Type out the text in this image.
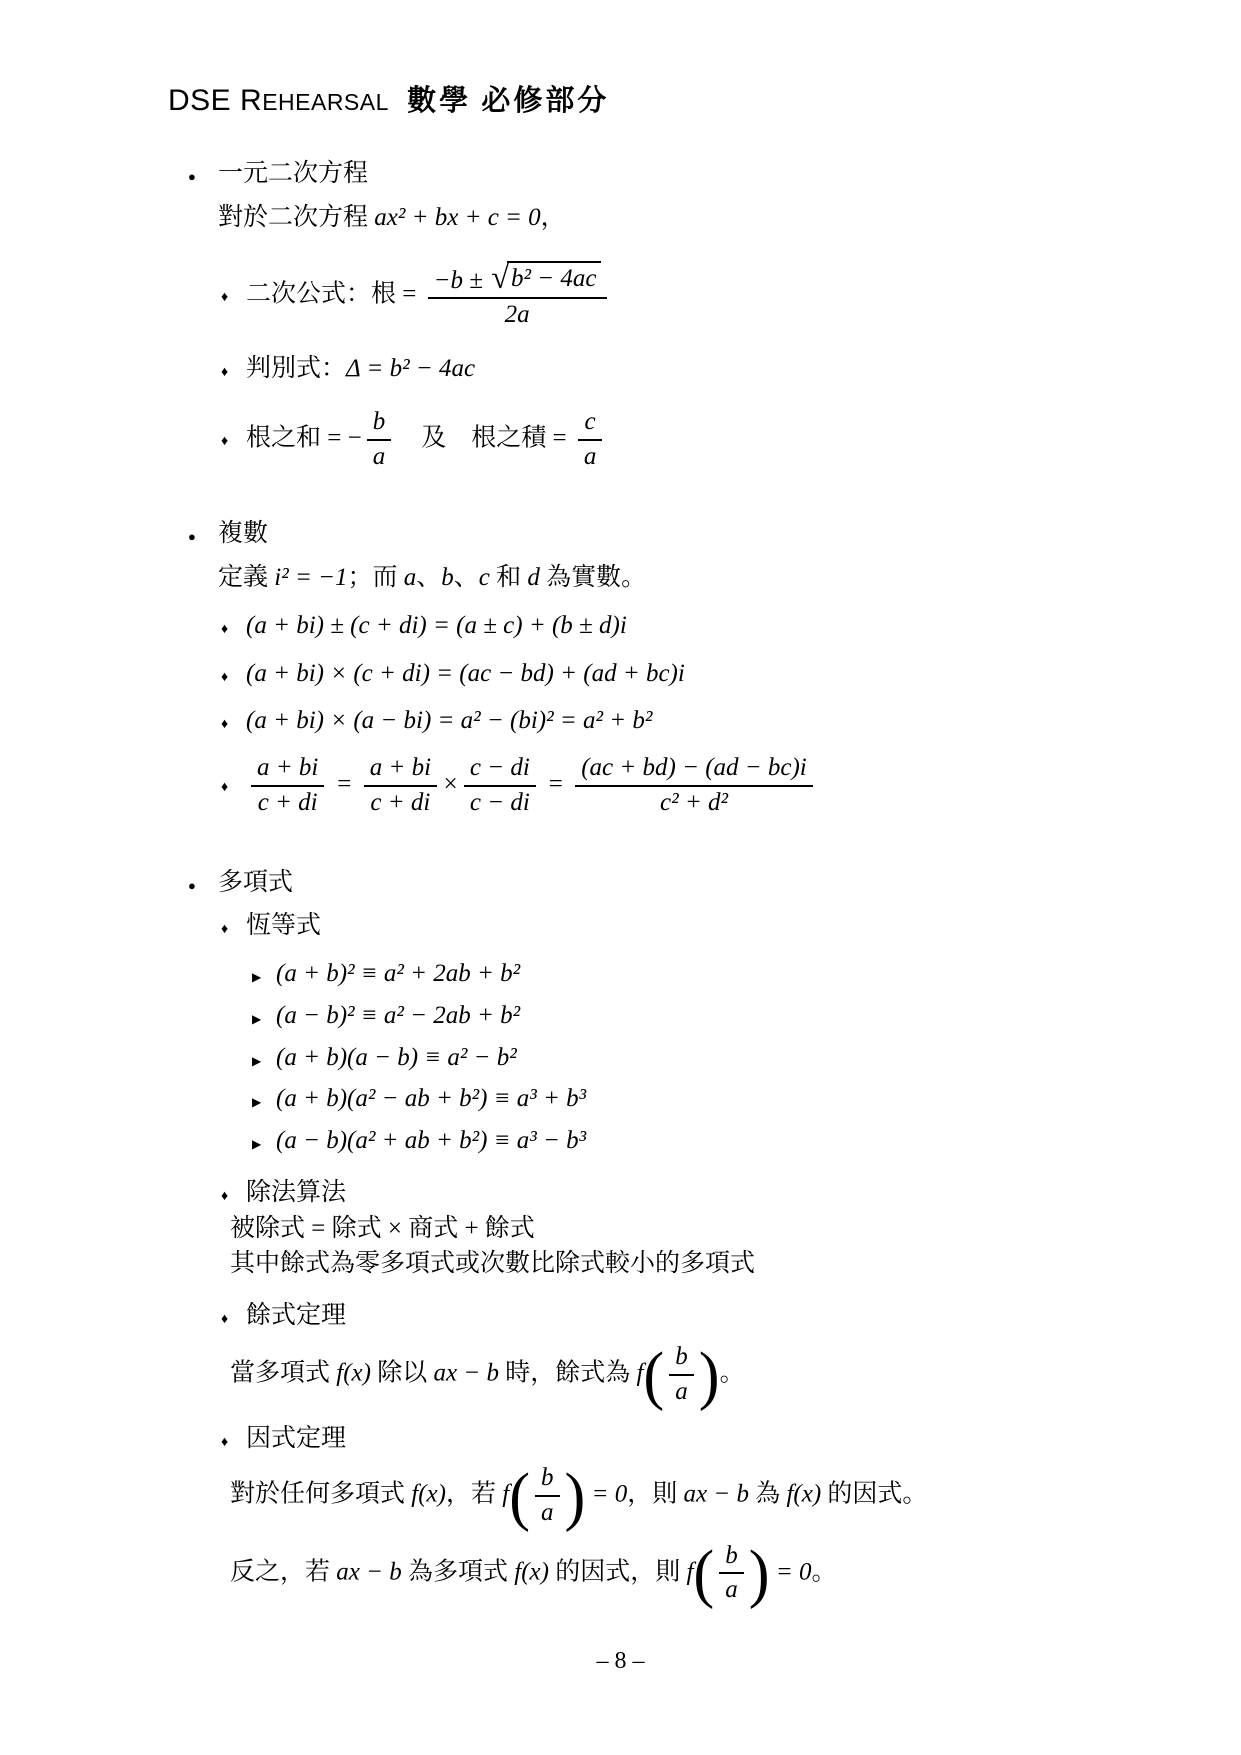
DSE REHEARSAL 數學 必修部分
● 一元二次方程
對於二次方程 ax² + bx + c = 0，
♦ 二次公式：根 = $\frac{\text{−b ± √ b² − 4ac}}{2a}$
♦ 判別式：Δ = b² − 4ac
♦ 根之和 = − $\frac{b}{a}$ 　及　根之積 = $\frac{c}{a}$
● 複數
定義 i² = −1；而 a、b、c 和 d 為實數。
♦ (a + bi) ± (c + di) = (a ± c) + (b ± d)i
♦ (a + bi) × (c + di) = (ac − bd) + (ad + bc)i
♦ (a + bi) × (a − bi) = a² − (bi)² = a² + b²
♦ $\frac{a + bi}{c + di} = \frac{a + bi}{c + di} \times \frac{c - di}{c - di} = \frac{(ac + bd) - (ad - bc)i}{\text{c² + d²}}$
● 多項式
♦ 恆等式
▶ (a + b)² ≡ a² + 2ab + b²
▶ (a − b)² ≡ a² − 2ab + b²
▶ (a + b)(a − b) ≡ a² − b²
▶ (a + b)(a² − ab + b²) ≡ a³ + b³
▶ (a − b)(a² + ab + b²) ≡ a³ − b³
♦ 除法算法
被除式 = 除式 × 商式 + 餘式
其中餘式為零多項式或次數比除式較小的多項式
♦ 餘式定理
當多項式 f(x) 除以 ax − b 時，餘式為 $f( \frac{b}{a}$ )。
♦ 因式定理
對於任何多項式 f(x)，若 $f( \frac{b}{a}$ ) = 0，則 ax − b 為 f(x) 的因式。
反之，若 ax − b 為多項式 f(x) 的因式，則 $f( \frac{b}{a}$ ) = 0。
– 8 –
